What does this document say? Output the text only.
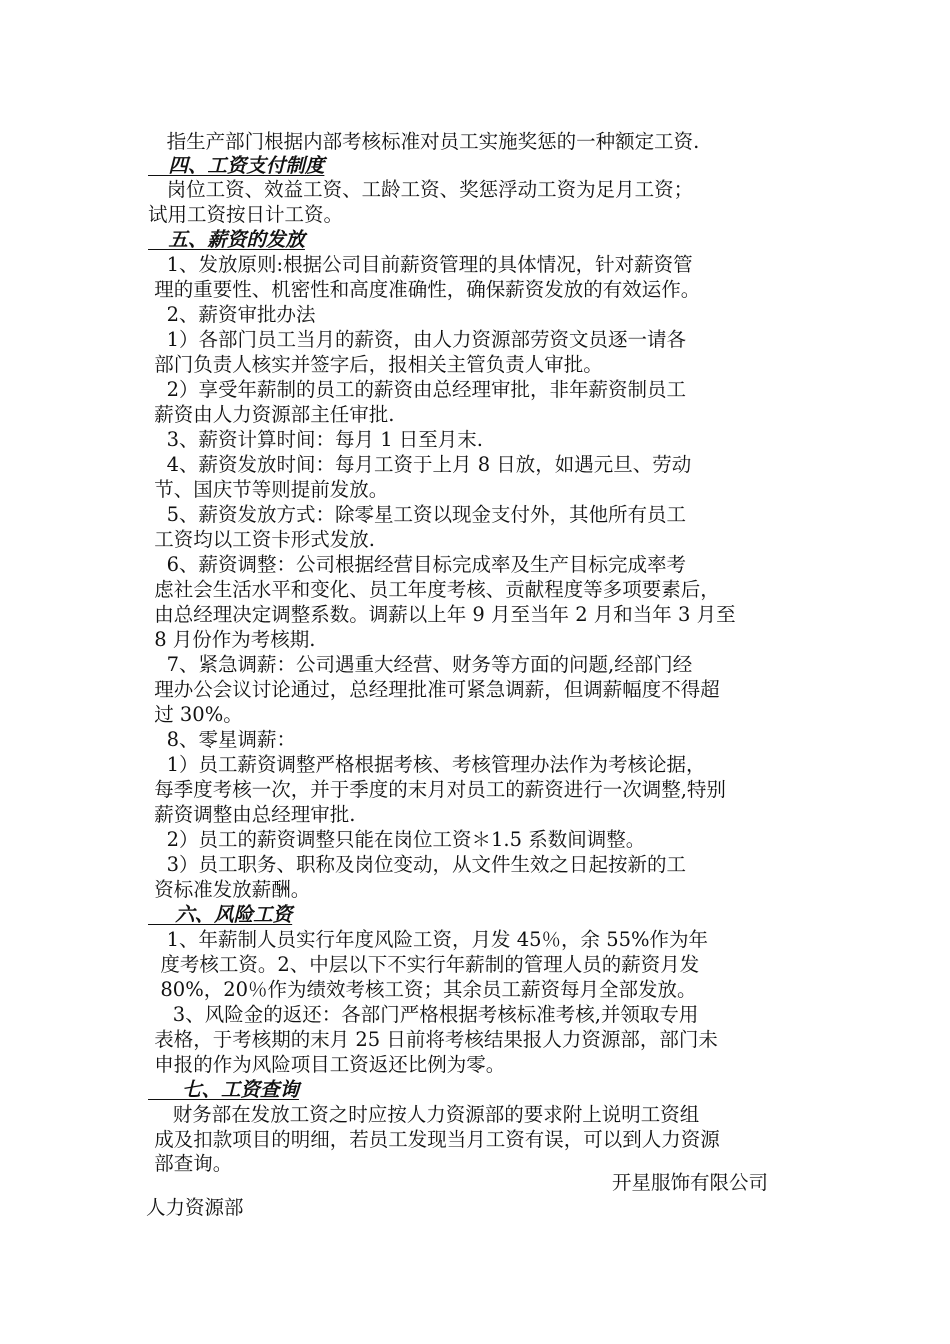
指生产部门根据内部考核标准对员工实施奖惩的一种额定工资.
四、工资支付制度
岗位工资、效益工资、工龄工资、奖惩浮动工资为足月工资；
试用工资按日计工资。
五、薪资的发放
1、发放原则:根据公司目前薪资管理的具体情况，针对薪资管
理的重要性、机密性和高度准确性，确保薪资发放的有效运作。
2、薪资审批办法
1）各部门员工当月的薪资，由人力资源部劳资文员逐一请各
部门负责人核实并签字后，报相关主管负责人审批。
2）享受年薪制的员工的薪资由总经理审批，非年薪资制员工
薪资由人力资源部主任审批.
3、薪资计算时间：每月 1 日至月末.
4、薪资发放时间：每月工资于上月 8 日放，如遇元旦、劳动
节、国庆节等则提前发放。
5、薪资发放方式：除零星工资以现金支付外，其他所有员工
工资均以工资卡形式发放.
6、薪资调整：公司根据经营目标完成率及生产目标完成率考
虑社会生活水平和变化、员工年度考核、贡献程度等多项要素后，
由总经理决定调整系数。调薪以上年 9 月至当年 2 月和当年 3 月至
8 月份作为考核期.
7、紧急调薪：公司遇重大经营、财务等方面的问题,经部门经
理办公会议讨论通过，总经理批准可紧急调薪，但调薪幅度不得超
过 30%。
8、零星调薪：
1）员工薪资调整严格根据考核、考核管理办法作为考核论据，
每季度考核一次，并于季度的末月对员工的薪资进行一次调整,特别
薪资调整由总经理审批.
2）员工的薪资调整只能在岗位工资＊1.5 系数间调整。
3）员工职务、职称及岗位变动，从文件生效之日起按新的工
资标准发放薪酬。
六、风险工资
1、年薪制人员实行年度风险工资，月发 45％，余 55%作为年
度考核工资。2、中层以下不实行年薪制的管理人员的薪资月发
80%，20％作为绩效考核工资；其余员工薪资每月全部发放。
3、风险金的返还：各部门严格根据考核标准考核,并领取专用
表格，于考核期的末月 25 日前将考核结果报人力资源部，部门未
申报的作为风险项目工资返还比例为零。
七、工资查询
财务部在发放工资之时应按人力资源部的要求附上说明工资组
成及扣款项目的明细，若员工发现当月工资有误，可以到人力资源
部查询。
开星服饰有限公司
人力资源部
